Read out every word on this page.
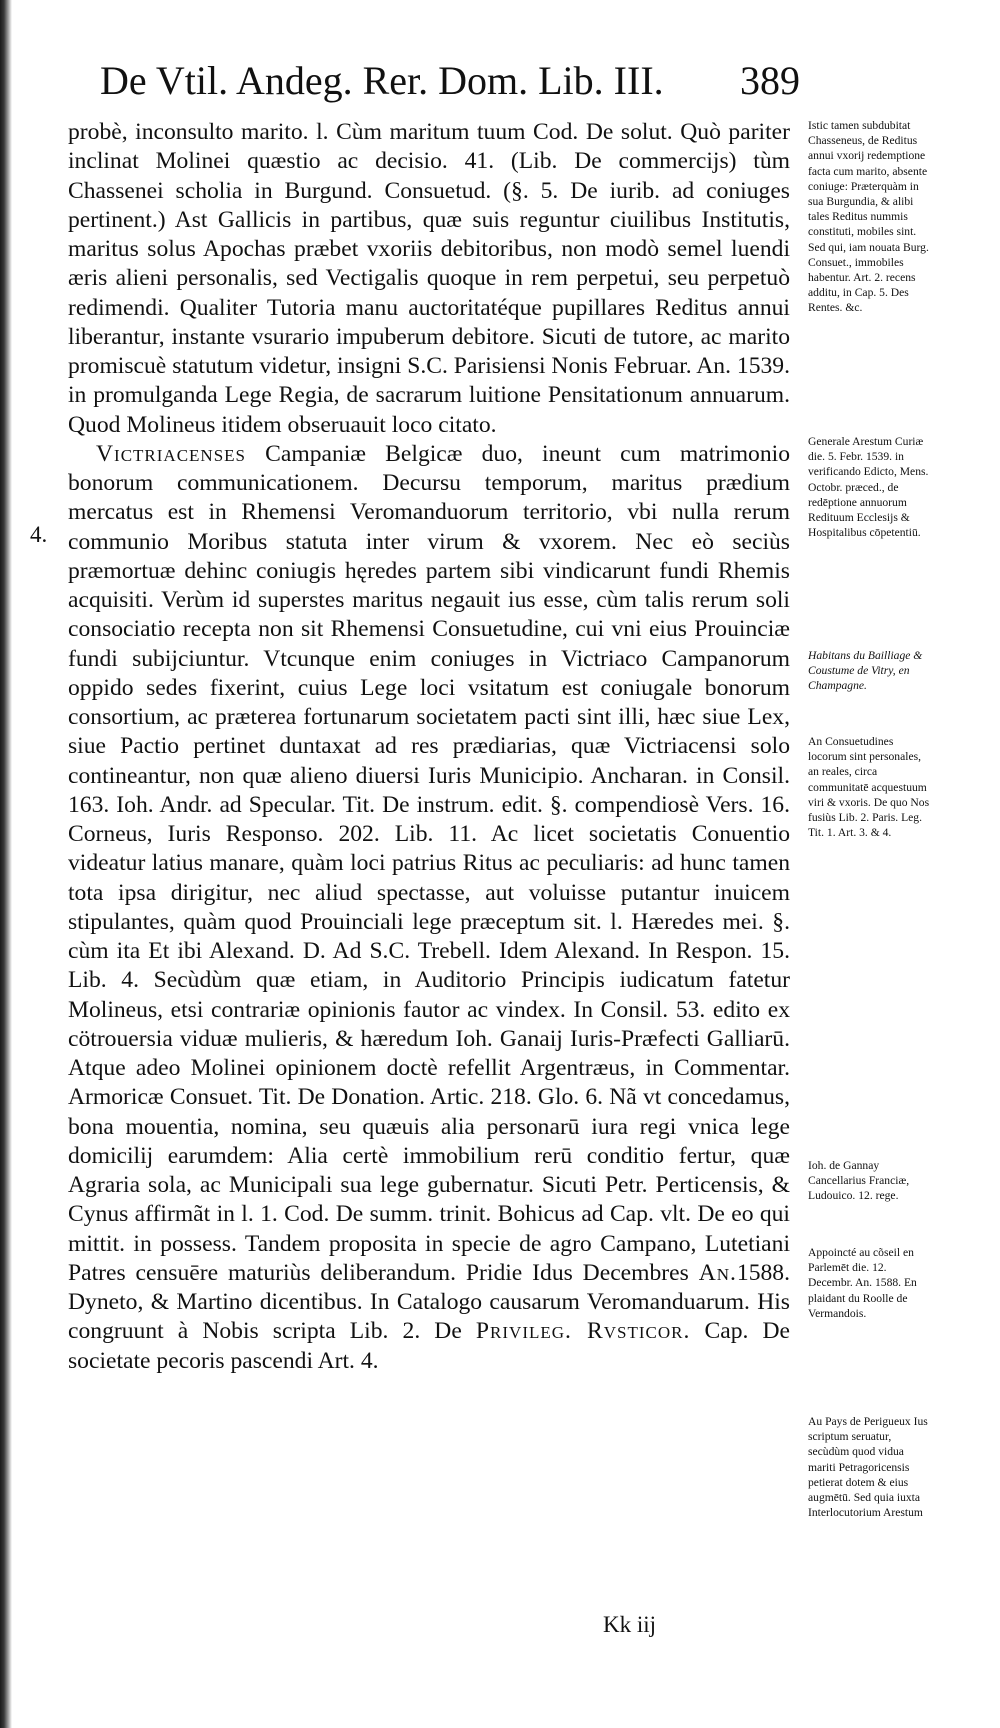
De Vtil. Andeg. Rer. Dom. Lib. III. 389
4.

probè, inconsulto marito. l. Cùm maritum tuum Cod. De solut. Quò pariter inclinat Molinei quæstio ac decisio. 41. (Lib. De commercijs) tùm Chassenei scholia in Burgund. Consuetud. (§. 5. De iurib. ad coniuges pertinent.) Ast Gallicis in partibus, quæ suis reguntur ciuilibus Institutis, maritus solus Apochas præbet vxoriis debitoribus, non modò semel luendi æris alieni personalis, sed Vectigalis quoque in rem perpetui, seu perpetuò redimendi. Qualiter Tutoria manu auctoritatéque pupillares Reditus annui liberantur, instante vsurario impuberum debitore. Sicuti de tutore, ac marito promiscuè statutum videtur, insigni S.C. Parisiensi Nonis Februar. An. 1539. in promulganda Lege Regia, de sacrarum luitione Pensitationum annuarum. Quod Molineus itidem obseruauit loco citato.

Victriacenses Campaniæ Belgicæ duo, ineunt cum matrimonio bonorum communicationem. Decursu temporum, maritus prædium mercatus est in Rhemensi Veromanduorum territorio, vbi nulla rerum communio Moribus statuta inter virum & vxorem. Nec eò seciùs præmortuæ dehinc coniugis hęredes partem sibi vindicarunt fundi Rhemis acquisiti. Verùm id superstes maritus negauit ius esse, cùm talis rerum soli consociatio recepta non sit Rhemensi Consuetudine, cui vni eius Prouinciæ fundi subijciuntur. Vtcunque enim coniuges in Victriaco Campanorum oppido sedes fixerint, cuius Lege loci vsitatum est coniugale bonorum consortium, ac præterea fortunarum societatem pacti sint illi, hæc siue Lex, siue Pactio pertinet duntaxat ad res prædiarias, quæ Victriacensi solo contineantur, non quæ alieno diuersi Iuris Municipio. Ancharan. in Consil. 163. Ioh. Andr. ad Specular. Tit. De instrum. edit. §. compendiosè Vers. 16. Corneus, Iuris Responso. 202. Lib. 11. Ac licet societatis Conuentio videatur latius manare, quàm loci patrius Ritus ac peculiaris: ad hunc tamen tota ipsa dirigitur, nec aliud spectasse, aut voluisse putantur inuicem stipulantes, quàm quod Prouinciali lege præceptum sit. l. Hæredes mei. §. cùm ita Et ibi Alexand. D. Ad S.C. Trebell. Idem Alexand. In Respon. 15. Lib. 4. Secùdùm quæ etiam, in Auditorio Principis iudicatum fatetur Molineus, etsi contrariæ opinionis fautor ac vindex. In Consil. 53. edito ex cötrouersia viduæ mulieris, & hæredum Ioh. Ganaij Iuris-Præfecti Galliarū. Atque adeo Molinei opinionem doctè refellit Argentræus, in Commentar. Armoricæ Consuet. Tit. De Donation. Artic. 218. Glo. 6. Nã vt concedamus, bona mouentia, nomina, seu quæuis alia personarū iura regi vnica lege domicilij earumdem: Alia certè immobilium rerū conditio fertur, quæ Agraria sola, ac Municipali sua lege gubernatur. Sicuti Petr. Perticensis, & Cynus affirmãt in l. 1. Cod. De summ. trinit. Bohicus ad Cap. vlt. De eo qui mittit. in possess. Tandem proposita in specie de agro Campano, Lutetiani Patres censuēre maturiùs deliberandum. Pridie Idus Decembres An.1588. Dyneto, & Martino dicentibus. In Catalogo causarum Veromanduarum. His congruunt à Nobis scripta Lib. 2. De Privileg. Rvsticor. Cap. De societate pecoris pascendi Art. 4.

Istic tamen subdubitat Chasseneus, de Reditus annui vxorij redemptione facta cum marito, absente coniuge: Præterquàm in sua Burgundia, & alibi tales Reditus nummis constituti, mobiles sint. Sed qui, iam nouata Burg. Consuet., immobiles habentur. Art. 2. recens additu, in Cap. 5. Des Rentes. &c.
Generale Arestum Curiæ die. 5. Febr. 1539. in verificando Edicto, Mens. Octobr. præced., de redēptione annuorum Redituum Ecclesijs & Hospitalibus cōpetentiū.
Habitans du Bailliage & Coustume de Vitry, en Champagne.
An Consuetudines locorum sint personales, an reales, circa communitatē acquestuum viri & vxoris. De quo Nos fusiùs Lib. 2. Paris. Leg. Tit. 1. Art. 3. & 4.
Ioh. de Gannay Cancellarius Franciæ, Ludouico. 12. rege.
Appoincté au cõseil en Parlemēt die. 12. Decembr. An. 1588. En plaidant du Roolle de Vermandois.
Au Pays de Perigueux Ius scriptum seruatur, secùdùm quod vidua mariti Petragoricensis petierat dotem & eius augmētū. Sed quia iuxta Interlocutorium Arestum
Kk iij
